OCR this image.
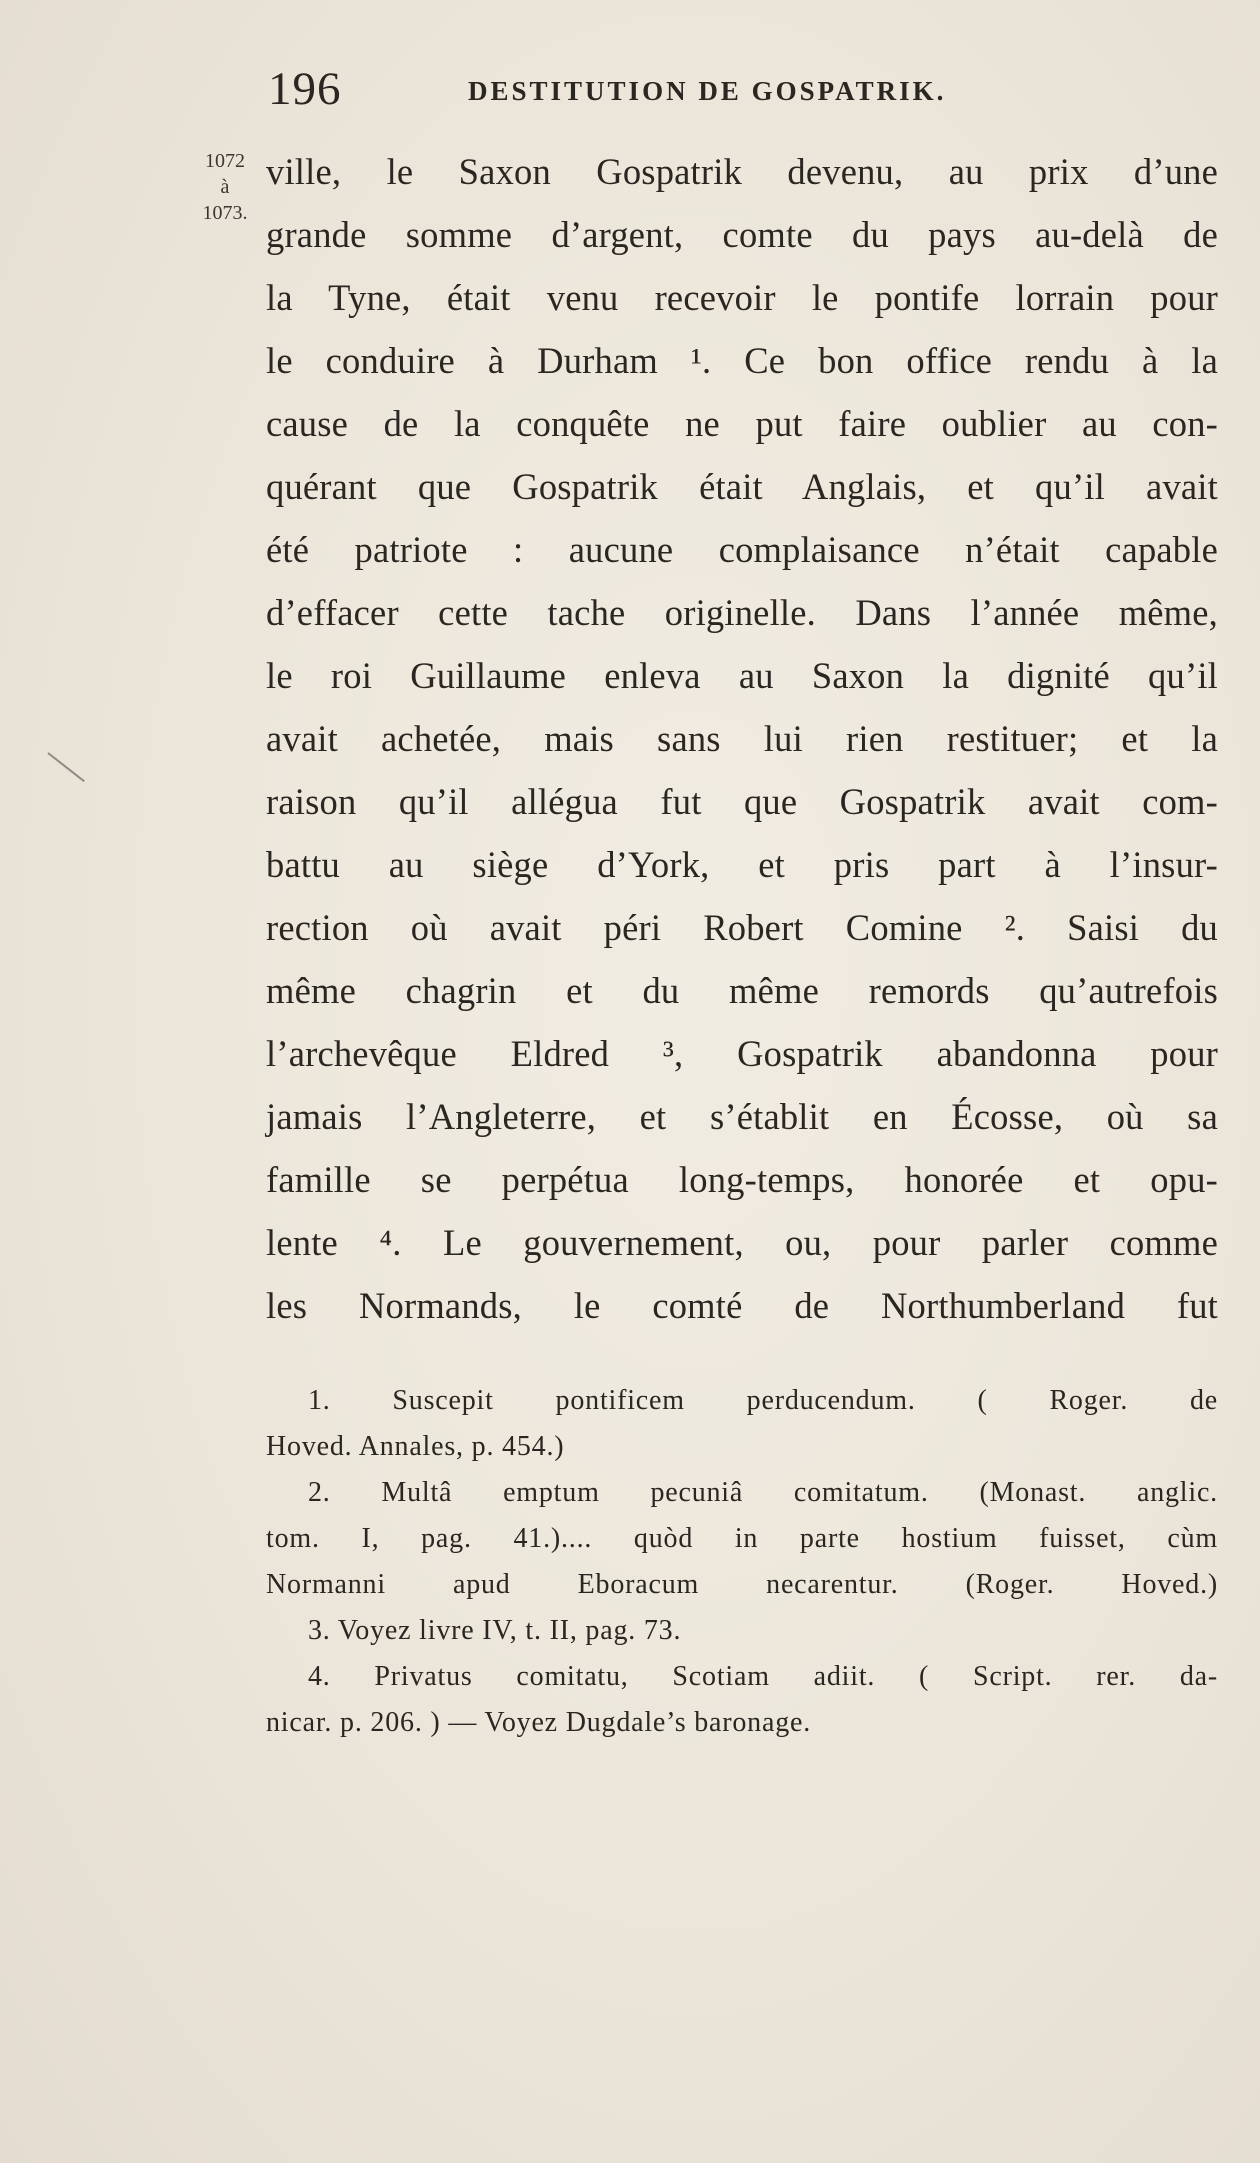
196	DESTITUTION DE GOSPATRIK.
1072
à
1073.
ville, le Saxon Gospatrik devenu, au prix d’une
grande somme d’argent, comte du pays au-delà de
la Tyne, était venu recevoir le pontife lorrain pour
le conduire à Durham ¹. Ce bon office rendu à la
cause de la conquête ne put faire oublier au con-
quérant que Gospatrik était Anglais, et qu’il avait
été patriote : aucune complaisance n’était capable
d’effacer cette tache originelle. Dans l’année même,
le roi Guillaume enleva au Saxon la dignité qu’il
avait achetée, mais sans lui rien restituer; et la
raison qu’il allégua fut que Gospatrik avait com-
battu au siège d’York, et pris part à l’insur-
rection où avait péri Robert Comine ². Saisi du
même chagrin et du même remords qu’autrefois
l’archevêque Eldred ³, Gospatrik abandonna pour
jamais l’Angleterre, et s’établit en Écosse, où sa
famille se perpétua long-temps, honorée et opu-
lente ⁴. Le gouvernement, ou, pour parler comme
les Normands, le comté de Northumberland fut
1. Suscepit pontificem perducendum. ( Roger. de
Hoved. Annales, p. 454.)
2. Multâ emptum pecuniâ comitatum. (Monast. anglic.
tom. I, pag. 41.).... quòd in parte hostium fuisset, cùm
Normanni apud Eboracum necarentur. (Roger. Hoved.)
3. Voyez livre IV, t. II, pag. 73.
4. Privatus comitatu, Scotiam adiit. ( Script. rer. da-
nicar. p. 206. ) — Voyez Dugdale’s baronage.
